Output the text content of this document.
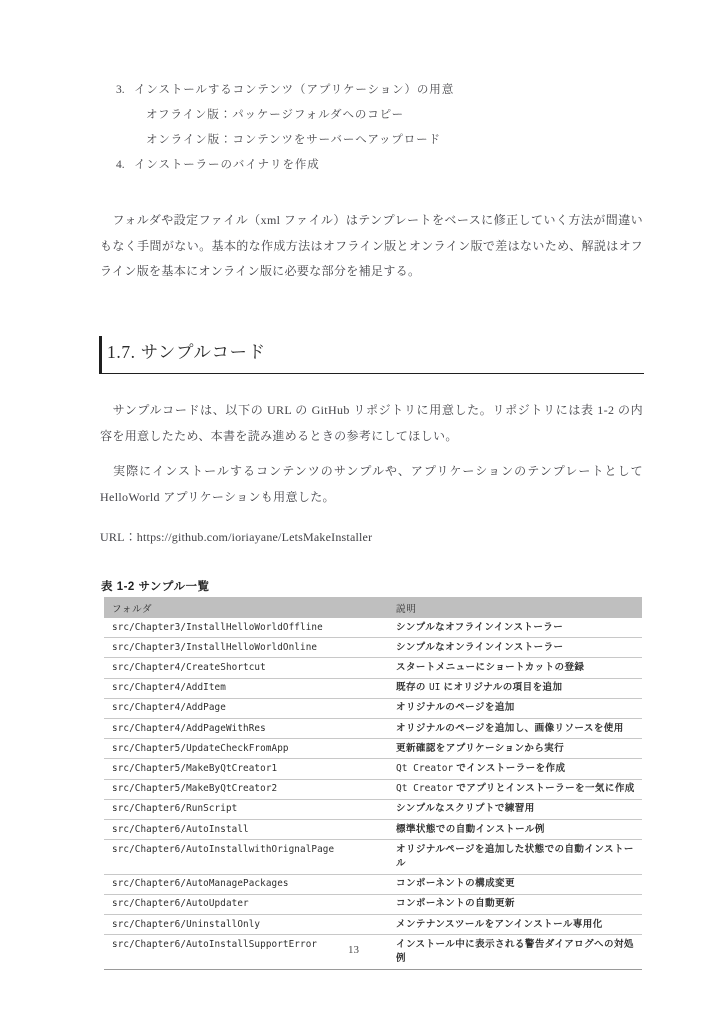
3. インストールするコンテンツ（アプリケーション）の用意
オフライン版：パッケージフォルダへのコピー
オンライン版：コンテンツをサーバーへアップロード
4. インストーラーのバイナリを作成
フォルダや設定ファイル（xml ファイル）はテンプレートをベースに修正していく方法が間違いもなく手間がない。基本的な作成方法はオフライン版とオンライン版で差はないため、解説はオフライン版を基本にオンライン版に必要な部分を補足する。
1.7. サンプルコード
サンプルコードは、以下の URL の GitHub リポジトリに用意した。リポジトリには表 1-2 の内容を用意したため、本書を読み進めるときの参考にしてほしい。
実際にインストールするコンテンツのサンプルや、アプリケーションのテンプレートとして HelloWorld アプリケーションも用意した。
URL：https://github.com/ioriayane/LetsMakeInstaller
表 1-2 サンプル一覧
フォルダ	説明
src/Chapter3/InstallHelloWorldOffline	シンプルなオフラインインストーラー
src/Chapter3/InstallHelloWorldOnline	シンプルなオンラインインストーラー
src/Chapter4/CreateShortcut	スタートメニューにショートカットの登録
src/Chapter4/AddItem	既存の UI にオリジナルの項目を追加
src/Chapter4/AddPage	オリジナルのページを追加
src/Chapter4/AddPageWithRes	オリジナルのページを追加し、画像リソースを使用
src/Chapter5/UpdateCheckFromApp	更新確認をアプリケーションから実行
src/Chapter5/MakeByQtCreator1	Qt Creator でインストーラーを作成
src/Chapter5/MakeByQtCreator2	Qt Creator でアプリとインストーラーを一気に作成
src/Chapter6/RunScript	シンプルなスクリプトで練習用
src/Chapter6/AutoInstall	標準状態での自動インストール例
src/Chapter6/AutoInstallwithOrignalPage	オリジナルページを追加した状態での自動インストール
src/Chapter6/AutoManagePackages	コンポーネントの構成変更
src/Chapter6/AutoUpdater	コンポーネントの自動更新
src/Chapter6/UninstallOnly	メンテナンスツールをアンインストール専用化
src/Chapter6/AutoInstallSupportError	インストール中に表示される警告ダイアログへの対処例
13
